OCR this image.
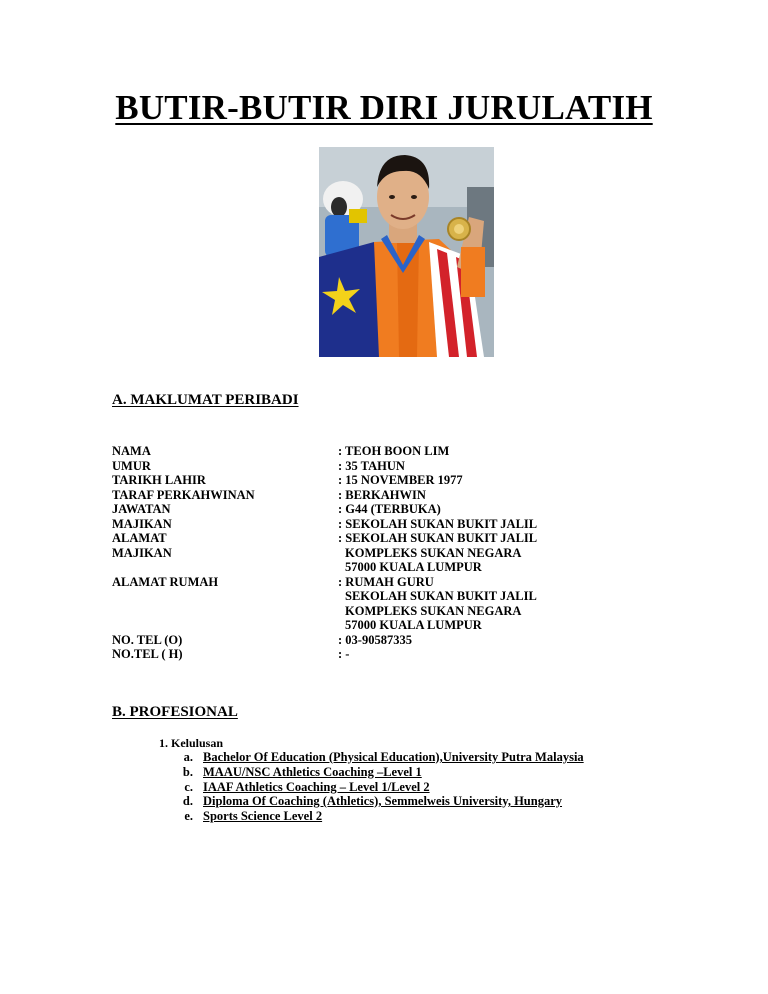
BUTIR-BUTIR DIRI JURULATIH
A. MAKLUMAT PERIBADI
NAMA	: TEOH BOON LIM
UMUR	: 35 TAHUN
TARIKH LAHIR	: 15 NOVEMBER 1977
TARAF PERKAHWINAN	: BERKAHWIN
JAWATAN	: G44 (TERBUKA)
MAJIKAN	: SEKOLAH SUKAN BUKIT JALIL
ALAMAT	: SEKOLAH SUKAN BUKIT JALIL
MAJIKAN	KOMPLEKS SUKAN NEGARA
57000 KUALA LUMPUR
ALAMAT RUMAH	: RUMAH GURU
SEKOLAH SUKAN BUKIT JALIL
KOMPLEKS SUKAN NEGARA
57000 KUALA LUMPUR
NO. TEL (O)	: 03-90587335
NO.TEL ( H)	: -
B. PROFESIONAL
1. Kelulusan
a. Bachelor Of Education (Physical Education),University Putra Malaysia
b. MAAU/NSC Athletics Coaching –Level 1
c. IAAF Athletics Coaching – Level 1/Level 2
d. Diploma Of Coaching (Athletics), Semmelweis University, Hungary
e. Sports Science Level 2
